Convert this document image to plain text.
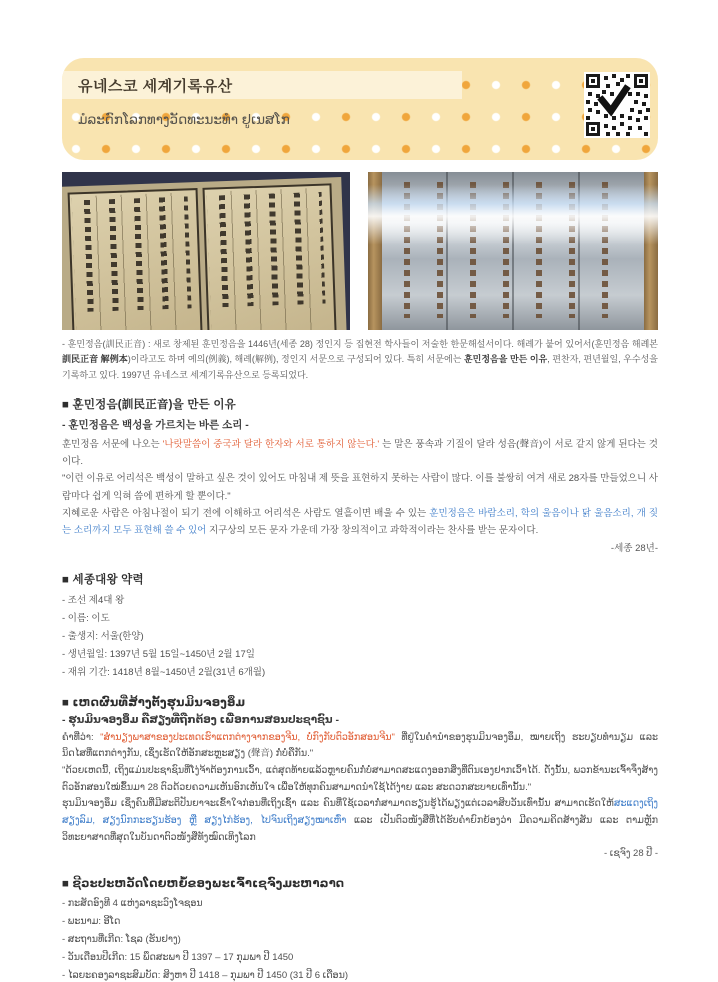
유네스코 세계기록유산
ມໍລະດົກໂລກທາງວັດທະນະທຳ ຢູເນສໂກ

- 훈민정음(訓民正音) : 새로 창제된 훈민정음을 1446년(세종 28) 정인지 등 집현전 학사들이 저술한 한문해설서이다. 해례가 붙어 있어서(훈민정음 해례본 訓民正音 解例本)이라고도 하며 예의(例義), 해례(解例), 정인지 서문으로 구성되어 있다. 특히 서문에는 훈민정음을 만든 이유, 편찬자, 편년월일, 우수성을 기록하고 있다. 1997년 유네스코 세계기록유산으로 등록되었다.

■ 훈민정음(訓民正音)을 만든 이유
- 훈민정음은 백성을 가르치는 바른 소리 -

훈민정음 서문에 나오는 '나랏말씀이 중국과 달라 한자와 서로 통하지 않는다.' 는 말은 풍속과 기질이 달라 성음(聲音)이 서로 같지 않게 된다는 것이다.

"이런 이유로 어리석은 백성이 말하고 싶은 것이 있어도 마침내 제 뜻을 표현하지 못하는 사람이 많다. 이를 불쌍히 여겨 새로 28자를 만들었으니 사람마다 쉽게 익혀 씀에 편하게 할 뿐이다."

지혜로운 사람은 아침나절이 되기 전에 이해하고 어리석은 사람도 열흘이면 배울 수 있는 훈민정음은 바람소리, 학의 울음이나 닭 울음소리, 개 짖는 소리까지 모두 표현해 쓸 수 있어 지구상의 모든 문자 가운데 가장 창의적이고 과학적이라는 찬사를 받는 문자이다.

-세종 28년-
■ 세종대왕 약력
- 조선 제4대 왕
- 이름: 이도
- 출생지: 서울(한양)
- 생년월일: 1397년 5월 15일~1450년 2월 17일
- 재위 기간: 1418년 8월~1450년 2월(31년 6개월)
■ ເຫດຜົນທີ່ສ້າງຕັ້ງຮຸນມິນຈອງອຶມ
- ຮຸນມິນຈອງອຶມ ຄືສຽງທີ່ຖືກຕ້ອງ ເພື່ອການສອນປະຊາຊົນ -

ຄຳທີ່ວ່າ: "ສຳນຽງພາສາຂອງປະເທດເຮົາແຕກຕ່າງຈາກຂອງຈີນ, ບໍ່ກົງກັບຕົວອັກສອນຈີນ" ທີ່ຢູ່ໃນຄຳນຳຂອງຮຸນມິນຈອງອຶມ, ໝາຍເຖິງ ຮະບຽບທຳນຽມ ແລະ ນິດໄສທີ່ແຕກຕ່າງກັນ, ເຊິ່ງເຮັດໃຫ້ອັກສະຫຼະສຽງ (聲音) ກໍ່ບໍ່ຄືກັນ."

"ດ້ວຍເຫດນີ້, ເຖິງແມ່ນປະຊາຊົນທີ່ໂງ່ຈ້າຕ້ອງການເວົ້າ, ແຕ່ສຸດທ້າຍແລ້ວຫຼາຍຄົນກໍ່ບໍ່ສາມາດສະແດງອອກສິ່ງທີ່ຕົນເອງຢາກເວົ້າໄດ້. ດັ່ງນັ້ນ, ພວກຂ້ານະເຈົ້າຈຶ່ງສ້າງຕົວອັກສອນໃໝ່ຂຶ້ນມາ 28 ຕົວດ້ວຍຄວາມເຫັນອົກເຫັນໃຈ ເພື່ອໃຫ້ທຸກຄົນສາມາດນຳໃຊ້ໄດ້ງ່າຍ ແລະ ສະດວກສະບາຍເທົ່ານັ້ນ."

ຮຸນມິນຈອງອຶມ ເຊິ່ງຄົນທີ່ມີສະຕິປັນຍາຈະເຂົ້າໃຈກ່ອນທີ່ເຖິງເຊົ້າ ແລະ ຄົນທີ່ໃຊ້ເວລາກໍ່ສາມາດຮຽນຮູ້ໄດ້ພຽງແຕ່ເວລາສິບວັນເທົ່ານັ້ນ ສາມາດເຮັດໃຫ້ສະແດງເຖິງສຽງລົມ, ສຽງນົກກະຮຽນຮ້ອງ ຫຼື ສຽງໄກ່ຮ້ອງ, ໄປຈົນເຖິງສຽງໝາເຫົ່າ ແລະ ເປັນຕົວໜັງສືທີ່ໄດ້ຮັບຄຳຍົກຍ້ອງວ່າ ມີຄວາມຄິດສ້າງສັນ ແລະ ຕາມຫຼັກວິທະຍາສາດທີ່ສຸດໃນບັນດາຕົວໜັງສືທັງໝົດເທິງໂລກ

- ເຊຈົງ 28 ປີ -
■ ຊີວະປະຫວັດໂດຍຫຍໍ້ຂອງພະເຈົ້າເຊຈົງມະຫາລາດ
- ກະສັດອົງທີ 4 ແຫ່ງລາຊະວົງໂຈຊອນ
- ພະນາມ: ອີໂດ
- ສະຖານທີ່ເກີດ: ໂຊລ (ຮັນຢາງ)
- ວັນເດືອນປີເກີດ: 15 ພຶດສະພາ ປີ 1397 – 17 ກຸມພາ ປີ 1450
- ໄລຍະຄອງລາຊະສົມບັດ: ສິງຫາ ປີ 1418 – ກຸມພາ ປີ 1450 (31 ປີ 6 ເດືອນ)
